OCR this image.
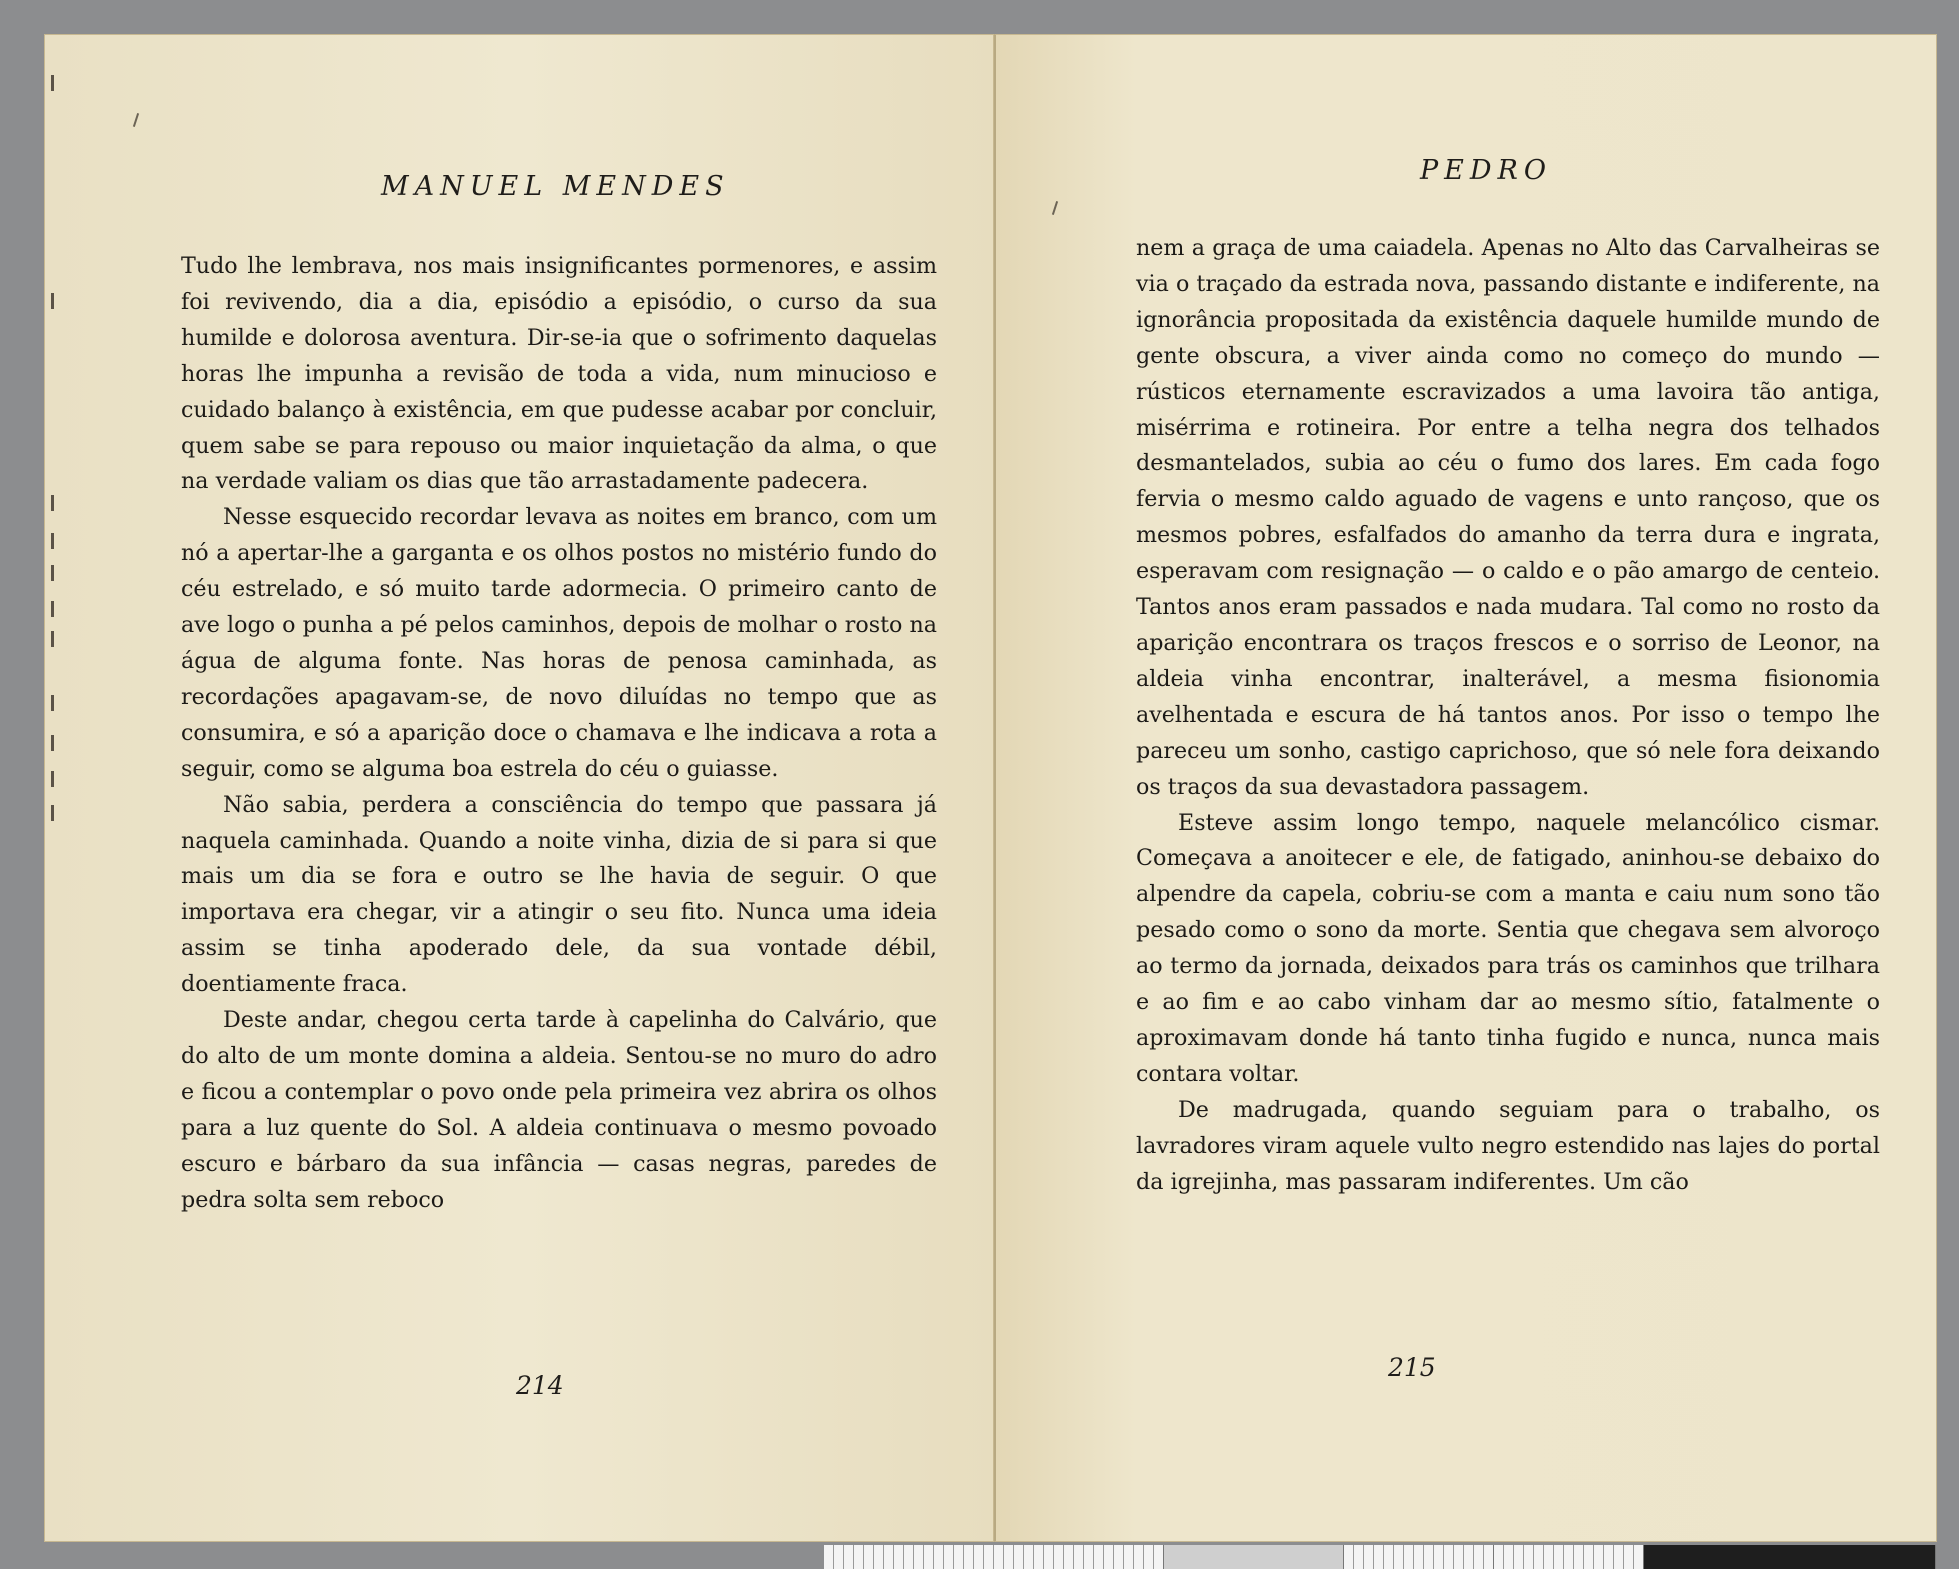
MANUEL MENDES

Tudo lhe lembrava, nos mais insignificantes pormenores, e assim foi revivendo, dia a dia, episódio a episódio, o curso da sua humilde e dolorosa aventura. Dir-se-ia que o sofrimento daquelas horas lhe impunha a revisão de toda a vida, num minucioso e cuidado balanço à existência, em que pudesse acabar por concluir, quem sabe se para repouso ou maior inquietação da alma, o que na verdade valiam os dias que tão arrastadamente padecera.

Nesse esquecido recordar levava as noites em branco, com um nó a apertar-lhe a garganta e os olhos postos no mistério fundo do céu estrelado, e só muito tarde adormecia. O primeiro canto de ave logo o punha a pé pelos caminhos, depois de molhar o rosto na água de alguma fonte. Nas horas de penosa caminhada, as recordações apagavam-se, de novo diluídas no tempo que as consumira, e só a aparição doce o chamava e lhe indicava a rota a seguir, como se alguma boa estrela do céu o guiasse.

Não sabia, perdera a consciência do tempo que passara já naquela caminhada. Quando a noite vinha, dizia de si para si que mais um dia se fora e outro se lhe havia de seguir. O que importava era chegar, vir a atingir o seu fito. Nunca uma ideia assim se tinha apoderado dele, da sua vontade débil, doentiamente fraca.

Deste andar, chegou certa tarde à capelinha do Calvário, que do alto de um monte domina a aldeia. Sentou-se no muro do adro e ficou a contemplar o povo onde pela primeira vez abrira os olhos para a luz quente do Sol. A aldeia continuava o mesmo povoado escuro e bárbaro da sua infância — casas negras, paredes de pedra solta sem reboco

214

PEDRO

nem a graça de uma caiadela. Apenas no Alto das Carvalheiras se via o traçado da estrada nova, passando distante e indiferente, na ignorância propositada da existência daquele humilde mundo de gente obscura, a viver ainda como no começo do mundo — rústicos eternamente escravizados a uma lavoira tão antiga, misérrima e rotineira. Por entre a telha negra dos telhados desmantelados, subia ao céu o fumo dos lares. Em cada fogo fervia o mesmo caldo aguado de vagens e unto rançoso, que os mesmos pobres, esfalfados do amanho da terra dura e ingrata, esperavam com resignação — o caldo e o pão amargo de centeio. Tantos anos eram passados e nada mudara. Tal como no rosto da aparição encontrara os traços frescos e o sorriso de Leonor, na aldeia vinha encontrar, inalterável, a mesma fisionomia avelhentada e escura de há tantos anos. Por isso o tempo lhe pareceu um sonho, castigo caprichoso, que só nele fora deixando os traços da sua devastadora passagem.

Esteve assim longo tempo, naquele melancólico cismar. Começava a anoitecer e ele, de fatigado, aninhou-se debaixo do alpendre da capela, cobriu-se com a manta e caiu num sono tão pesado como o sono da morte. Sentia que chegava sem alvoroço ao termo da jornada, deixados para trás os caminhos que trilhara e ao fim e ao cabo vinham dar ao mesmo sítio, fatalmente o aproximavam donde há tanto tinha fugido e nunca, nunca mais contara voltar.

De madrugada, quando seguiam para o trabalho, os lavradores viram aquele vulto negro estendido nas lajes do portal da igrejinha, mas passaram indiferentes. Um cão

215
